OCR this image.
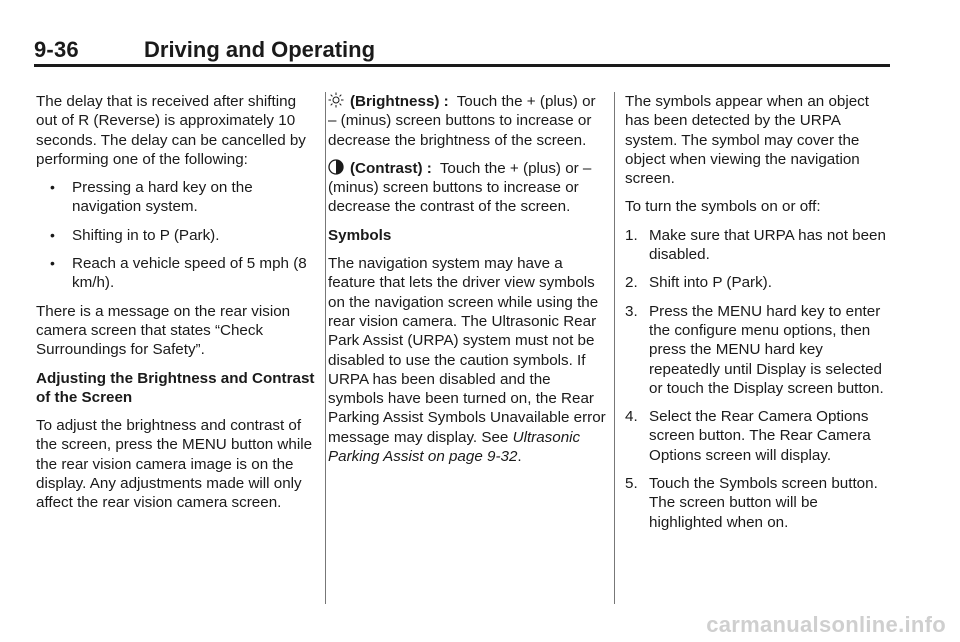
9-36	Driving and Operating

The delay that is received after shifting out of R (Reverse) is approximately 10 seconds. The delay can be cancelled by performing one of the following:

• Pressing a hard key on the navigation system.
• Shifting in to P (Park).
• Reach a vehicle speed of 5 mph (8 km/h).

There is a message on the rear vision camera screen that states “Check Surroundings for Safety”.

Adjusting the Brightness and Contrast of the Screen

To adjust the brightness and contrast of the screen, press the MENU button while the rear vision camera image is on the display. Any adjustments made will only affect the rear vision camera screen.

(Brightness) : Touch the + (plus) or – (minus) screen buttons to increase or decrease the brightness of the screen.

(Contrast) : Touch the + (plus) or – (minus) screen buttons to increase or decrease the contrast of the screen.

Symbols

The navigation system may have a feature that lets the driver view symbols on the navigation screen while using the rear vision camera. The Ultrasonic Rear Park Assist (URPA) system must not be disabled to use the caution symbols. If URPA has been disabled and the symbols have been turned on, the Rear Parking Assist Symbols Unavailable error message may display. See Ultrasonic Parking Assist on page 9-32.

The symbols appear when an object has been detected by the URPA system. The symbol may cover the object when viewing the navigation screen.

To turn the symbols on or off:

1. Make sure that URPA has not been disabled.
2. Shift into P (Park).
3. Press the MENU hard key to enter the configure menu options, then press the MENU hard key repeatedly until Display is selected or touch the Display screen button.
4. Select the Rear Camera Options screen button. The Rear Camera Options screen will display.
5. Touch the Symbols screen button. The screen button will be highlighted when on.
carmanualsonline.info
